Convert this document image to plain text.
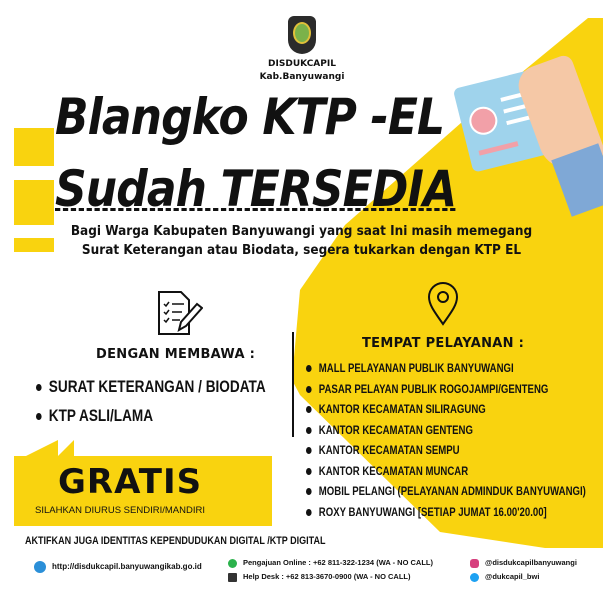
DISDUKCAPIL
Kab.Banyuwangi
Blangko KTP -EL
Sudah TERSEDIA
Bagi Warga Kabupaten Banyuwangi yang saat Ini masih memegang
Surat Keterangan atau Biodata, segera tukarkan dengan KTP EL
DENGAN MEMBAWA :
SURAT KETERANGAN / BIODATA
KTP ASLI/LAMA
GRATIS
SILAHKAN DIURUS SENDIRI/MANDIRI
TEMPAT PELAYANAN :
MALL PELAYANAN PUBLIK BANYUWANGI
PASAR PELAYAN PUBLIK ROGOJAMPI/GENTENG
KANTOR KECAMATAN SILIRAGUNG
KANTOR KECAMATAN GENTENG
KANTOR KECAMATAN SEMPU
KANTOR KECAMATAN MUNCAR
MOBIL PELANGI (PELAYANAN ADMINDUK BANYUWANGI)
ROXY BANYUWANGI [SETIAP JUMAT 16.00'20.00]
AKTIFKAN JUGA IDENTITAS KEPENDUDUKAN DIGITAL /KTP DIGITAL
http://disdukcapil.banyuwangikab.go.id	Pengajuan Online : +62 811-322-1234 (WA - NO CALL)
Help Desk : +62 813-3670-0900 (WA - NO CALL)
@disdukcapilbanyuwangi
@dukcapil_bwi
